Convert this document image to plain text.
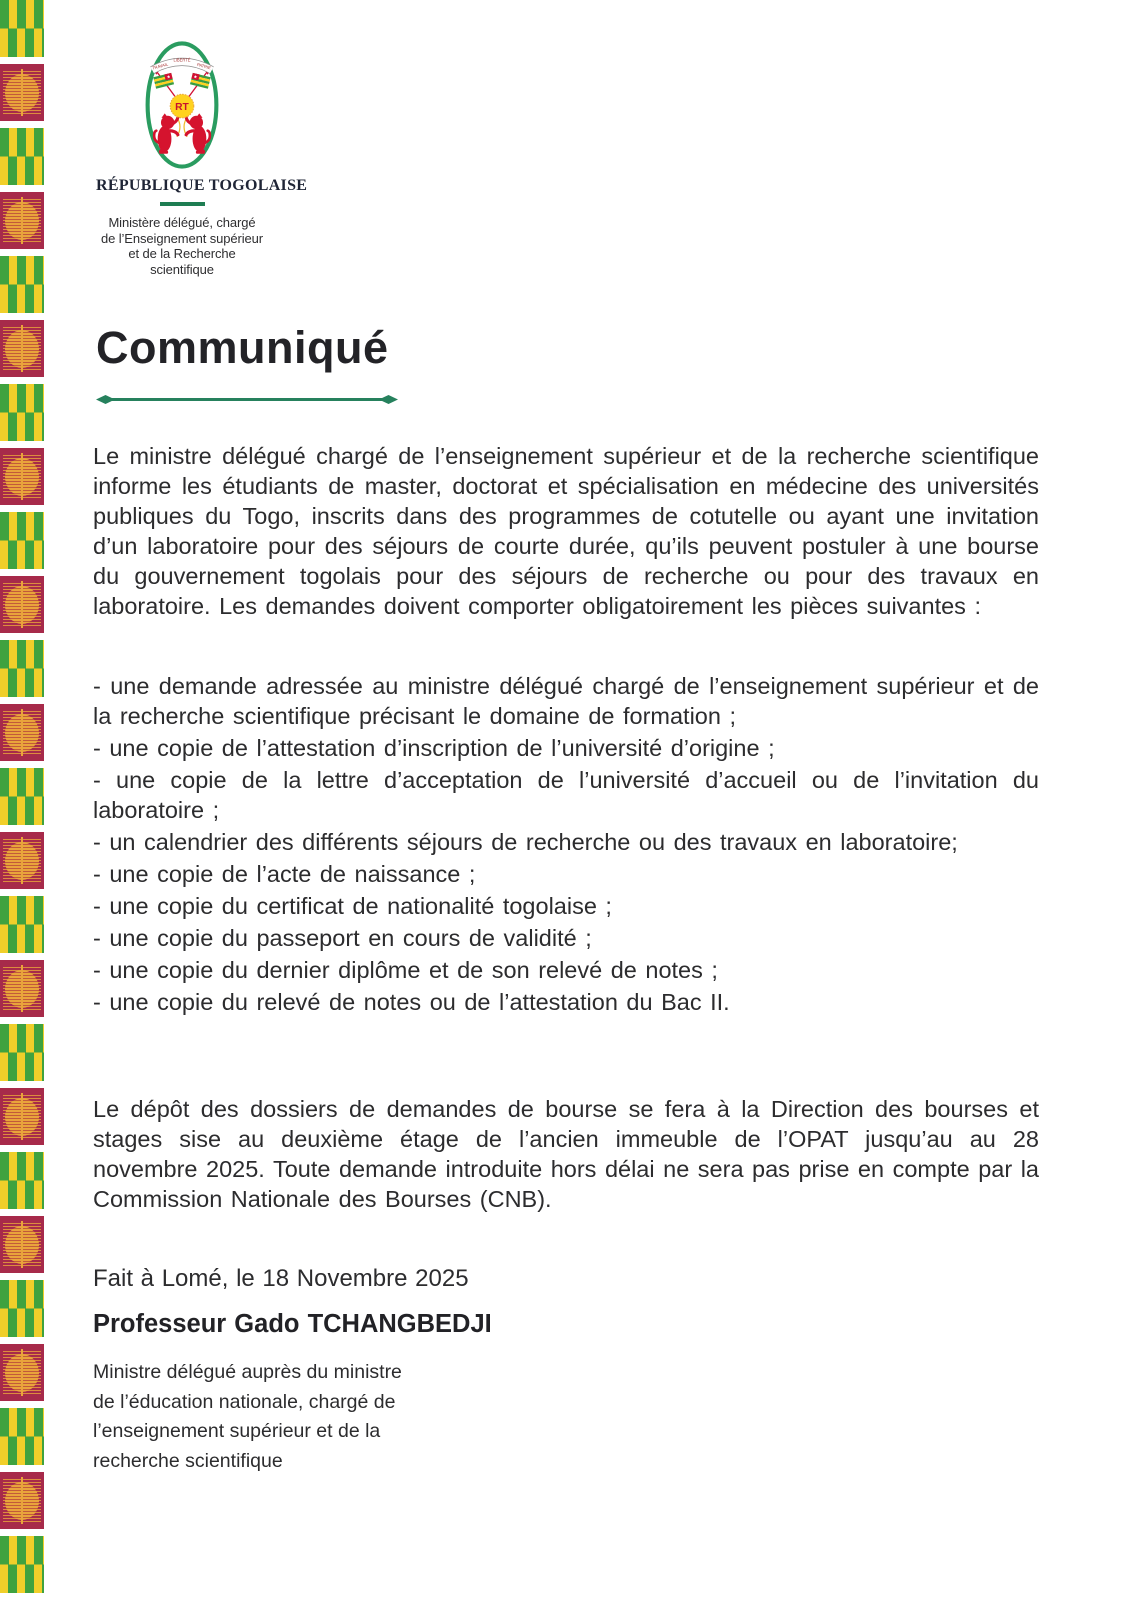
★	★
TRAVAIL
LIBERTÉ
PATRIE
RT
RÉPUBLIQUE TOGOLAISE
Ministère délégué, chargé
de l’Enseignement supérieur
et de la Recherche scientifique
Communiqué

Le ministre délégué chargé de l’enseignement supérieur et de la recherche scientifique informe les étudiants de master, doctorat et spécialisation en médecine des universités publiques du Togo, inscrits dans des programmes de cotutelle ou ayant une invitation d’un laboratoire pour des séjours de courte durée, qu’ils peuvent postuler à une bourse du gouvernement togolais pour des séjours de recherche ou pour des travaux en laboratoire. Les demandes doivent comporter obligatoirement les pièces suivantes :

- une demande adressée au ministre délégué chargé de l’enseignement supérieur et de la recherche scientifique précisant le domaine de formation ;
- une copie de l’attestation d’inscription de l’université d’origine ;
- une copie de la lettre d’acceptation de l’université d’accueil ou de l’invitation du laboratoire ;
- un calendrier des différents séjours de recherche ou des travaux en laboratoire;
- une copie de l’acte de naissance ;
- une copie du certificat de nationalité togolaise ;
- une copie du passeport en cours de validité ;
- une copie du dernier diplôme et de son relevé de notes ;
- une copie du relevé de notes ou de l’attestation du Bac II.

Le dépôt des dossiers de demandes de bourse se fera à la Direction des bourses et stages sise au deuxième étage de l’ancien immeuble de l’OPAT jusqu’au au 28 novembre 2025. Toute demande introduite hors délai ne sera pas prise en compte par la Commission Nationale des Bourses (CNB).

Fait à Lomé, le 18 Novembre 2025

Professeur Gado TCHANGBEDJI

Ministre délégué auprès du ministre
de l’éducation nationale, chargé de
l’enseignement supérieur et de la
recherche scientifique
